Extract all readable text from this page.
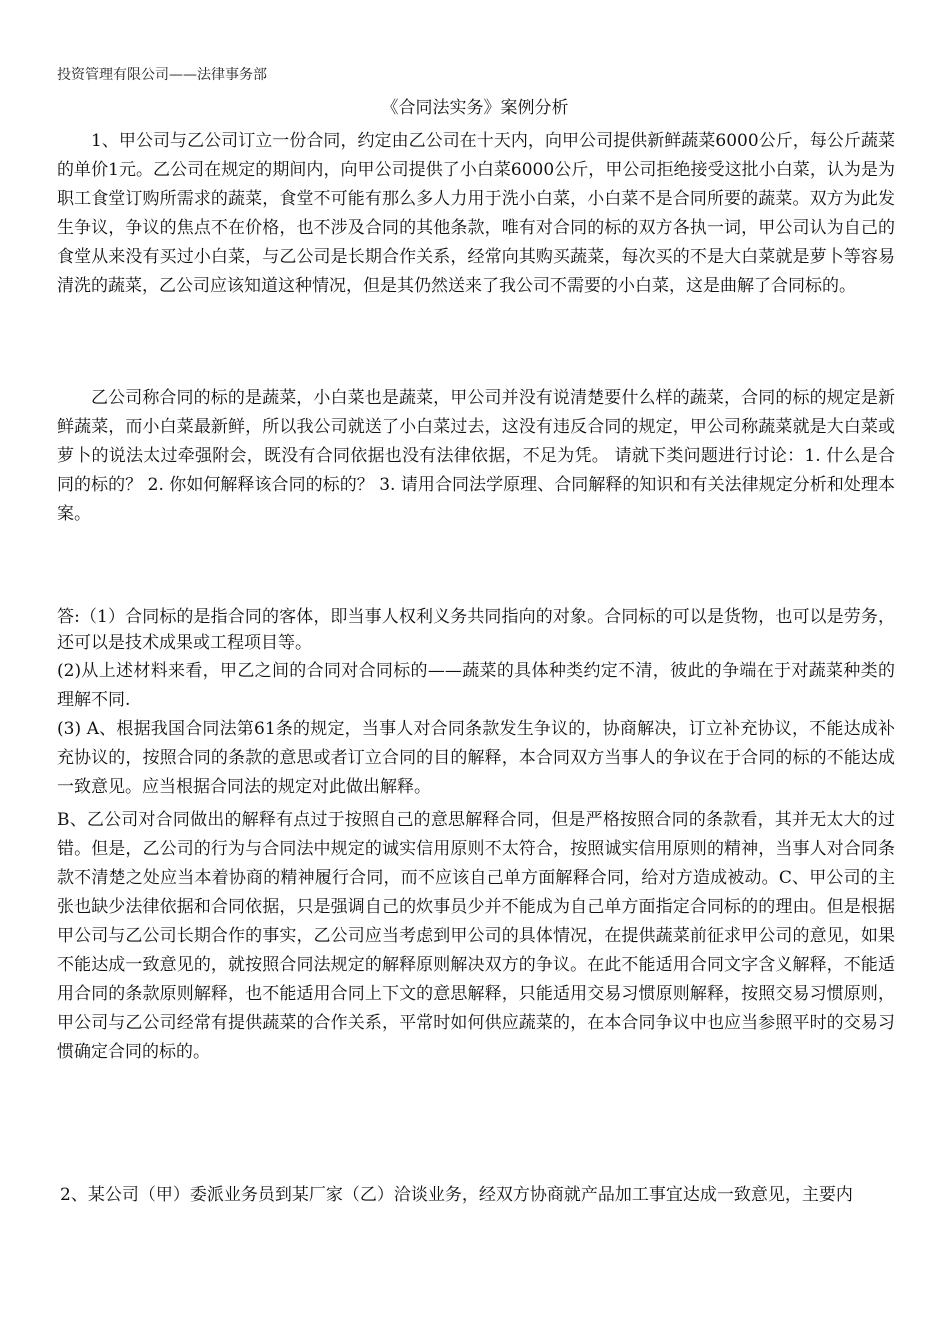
投资管理有限公司——法律事务部
《合同法实务》案例分析

1、甲公司与乙公司订立一份合同，约定由乙公司在十天内，向甲公司提供新鲜蔬菜6000公斤，每公斤蔬菜的单价1元。乙公司在规定的期间内，向甲公司提供了小白菜6000公斤，甲公司拒绝接受这批小白菜，认为是为职工食堂订购所需求的蔬菜，食堂不可能有那么多人力用于洗小白菜，小白菜不是合同所要的蔬菜。双方为此发生争议，争议的焦点不在价格，也不涉及合同的其他条款，唯有对合同的标的双方各执一词，甲公司认为自己的食堂从来没有买过小白菜，与乙公司是长期合作关系，经常向其购买蔬菜，每次买的不是大白菜就是萝卜等容易清洗的蔬菜，乙公司应该知道这种情况，但是其仍然送来了我公司不需要的小白菜，这是曲解了合同标的。

乙公司称合同的标的是蔬菜，小白菜也是蔬菜，甲公司并没有说清楚要什么样的蔬菜，合同的标的规定是新鲜蔬菜，而小白菜最新鲜，所以我公司就送了小白菜过去，这没有违反合同的规定，甲公司称蔬菜就是大白菜或萝卜的说法太过牵强附会，既没有合同依据也没有法律依据，不足为凭。 请就下类问题进行讨论：1. 什么是合同的标的？ 2. 你如何解释该合同的标的？ 3. 请用合同法学原理、合同解释的知识和有关法律规定分析和处理本案。

答:（1）合同标的是指合同的客体，即当事人权利义务共同指向的对象。合同标的可以是货物，也可以是劳务，还可以是技术成果或工程项目等。

(2)从上述材料来看，甲乙之间的合同对合同标的——蔬菜的具体种类约定不清，彼此的争端在于对蔬菜种类的理解不同.

(3) A、根据我国合同法第61条的规定，当事人对合同条款发生争议的，协商解决，订立补充协议，不能达成补充协议的，按照合同的条款的意思或者订立合同的目的解释，本合同双方当事人的争议在于合同的标的不能达成一致意见。应当根据合同法的规定对此做出解释。

B、乙公司对合同做出的解释有点过于按照自己的意思解释合同，但是严格按照合同的条款看，其并无太大的过错。但是，乙公司的行为与合同法中规定的诚实信用原则不太符合，按照诚实信用原则的精神，当事人对合同条款不清楚之处应当本着协商的精神履行合同，而不应该自己单方面解释合同，给对方造成被动。C、甲公司的主张也缺少法律依据和合同依据，只是强调自己的炊事员少并不能成为自己单方面指定合同标的的理由。但是根据甲公司与乙公司长期合作的事实，乙公司应当考虑到甲公司的具体情况，在提供蔬菜前征求甲公司的意见，如果不能达成一致意见的，就按照合同法规定的解释原则解决双方的争议。在此不能适用合同文字含义解释，不能适用合同的条款原则解释，也不能适用合同上下文的意思解释，只能适用交易习惯原则解释，按照交易习惯原则，甲公司与乙公司经常有提供蔬菜的合作关系，平常时如何供应蔬菜的，在本合同争议中也应当参照平时的交易习惯确定合同的标的。

2、某公司（甲）委派业务员到某厂家（乙）洽谈业务，经双方协商就产品加工事宜达成一致意见，主要内
